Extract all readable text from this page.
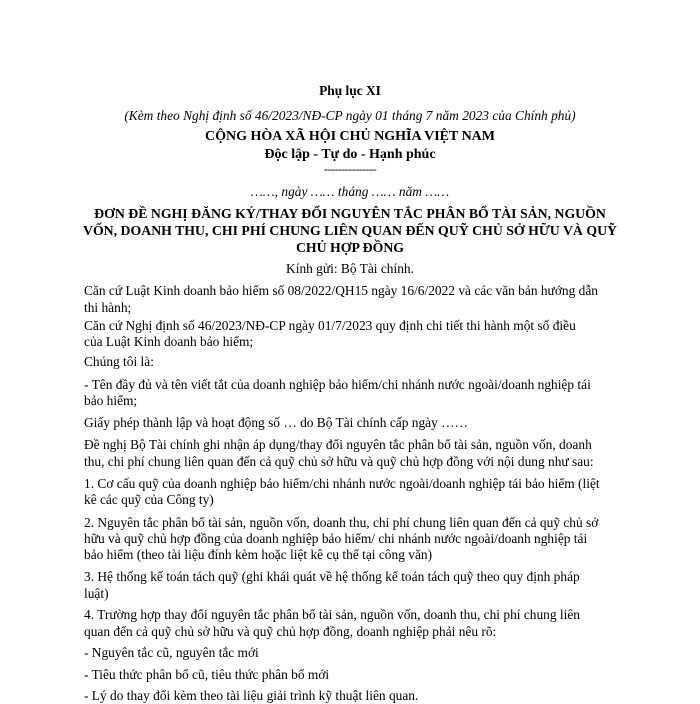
Phụ lục XI
(Kèm theo Nghị định số 46/2023/NĐ-CP ngày 01 tháng 7 năm 2023 của Chính phủ)
CỘNG HÒA XÃ HỘI CHỦ NGHĨA VIỆT NAM
Độc lập - Tự do - Hạnh phúc
---------------
……, ngày …… tháng …… năm ……
ĐƠN ĐỀ NGHỊ ĐĂNG KÝ/THAY ĐỔI NGUYÊN TẮC PHÂN BỔ TÀI SẢN, NGUỒN
VỐN, DOANH THU, CHI PHÍ CHUNG LIÊN QUAN ĐẾN QUỸ CHỦ SỞ HỮU VÀ QUỸ
CHỦ HỢP ĐỒNG
Kính gửi: Bộ Tài chính.
Căn cứ Luật Kinh doanh bảo hiểm số 08/2022/QH15 ngày 16/6/2022 và các văn bản hướng dẫn
thi hành;
Căn cứ Nghị định số 46/2023/NĐ-CP ngày 01/7/2023 quy định chi tiết thi hành một số điều
của Luật Kinh doanh bảo hiểm;
Chúng tôi là:
- Tên đầy đủ và tên viết tắt của doanh nghiệp bảo hiểm/chi nhánh nước ngoài/doanh nghiệp tái
bảo hiểm;
Giấy phép thành lập và hoạt động số … do Bộ Tài chính cấp ngày ……
Đề nghị Bộ Tài chính ghi nhận áp dụng/thay đổi nguyên tắc phân bổ tài sản, nguồn vốn, doanh
thu, chi phí chung liên quan đến cả quỹ chủ sở hữu và quỹ chủ hợp đồng với nội dung như sau:
1. Cơ cấu quỹ của doanh nghiệp bảo hiểm/chi nhánh nước ngoài/doanh nghiệp tái bảo hiểm (liệt
kê các quỹ của Công ty)
2. Nguyên tắc phân bổ tài sản, nguồn vốn, doanh thu, chi phí chung liên quan đến cả quỹ chủ sở
hữu và quỹ chủ hợp đồng của doanh nghiệp bảo hiểm/ chi nhánh nước ngoài/doanh nghiệp tái
bảo hiểm (theo tài liệu đính kèm hoặc liệt kê cụ thể tại công văn)
3. Hệ thống kế toán tách quỹ (ghi khái quát về hệ thống kế toán tách quỹ theo quy định pháp
luật)
4. Trường hợp thay đổi nguyên tắc phân bổ tài sản, nguồn vốn, doanh thu, chi phí chung liên
quan đến cả quỹ chủ sở hữu và quỹ chủ hợp đồng, doanh nghiệp phải nêu rõ:
- Nguyên tắc cũ, nguyên tắc mới
- Tiêu thức phân bổ cũ, tiêu thức phân bổ mới
- Lý do thay đổi kèm theo tài liệu giải trình kỹ thuật liên quan.
